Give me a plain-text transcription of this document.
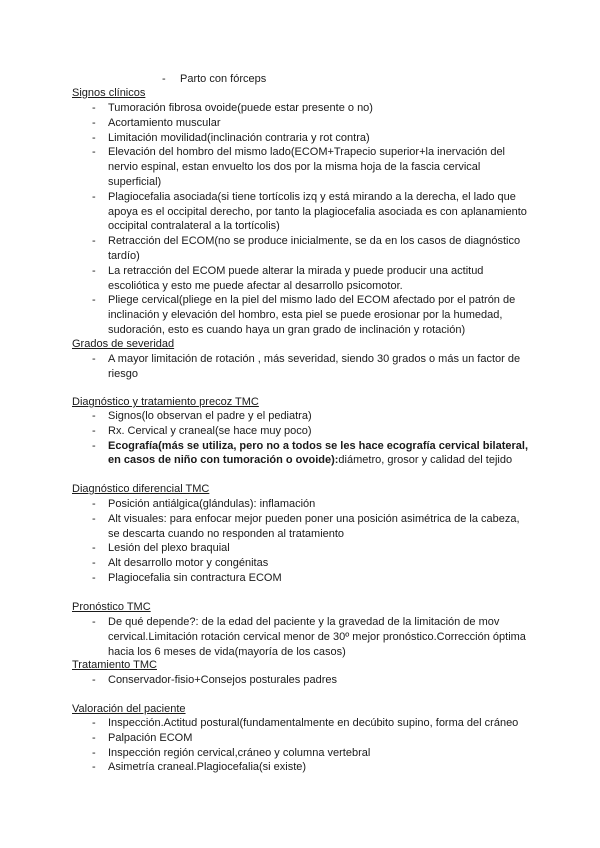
- Parto con fórceps
Signos clínicos
- Tumoración fibrosa ovoide(puede estar presente o no)
- Acortamiento muscular
- Limitación movilidad(inclinación contraria y rot contra)
- Elevación del hombro del mismo lado(ECOM+Trapecio superior+la inervación del nervio espinal, estan envuelto los dos por la misma hoja de la fascia cervical superficial)
- Plagiocefalia asociada(si tiene tortícolis izq y está mirando a la derecha, el lado que apoya es el occipital derecho, por tanto la plagiocefalia asociada es con aplanamiento occipital contralateral a la tortícolis)
- Retracción del ECOM(no se produce inicialmente, se da en los casos de diagnóstico tardío)
- La retracción del ECOM puede alterar la mirada y puede producir una actitud escoliótica y esto me puede afectar al desarrollo psicomotor.
- Pliege cervical(pliege en la piel del mismo lado del ECOM afectado por el patrón de inclinación y elevación del hombro, esta piel se puede erosionar por la humedad, sudoración, esto es cuando haya un gran grado de inclinación y rotación)
Grados de severidad
- A mayor limitación de rotación , más severidad, siendo 30 grados o más un factor de riesgo
Diagnóstico y tratamiento precoz TMC
- Signos(lo observan el padre y el pediatra)
- Rx. Cervical y craneal(se hace muy poco)
- Ecografía(más se utiliza, pero no a todos se les hace ecografía cervical bilateral, en casos de niño con tumoración o ovoide):diámetro, grosor y calidad del tejido
Diagnóstico diferencial TMC
- Posición antiálgica(glándulas): inflamación
- Alt visuales: para enfocar mejor pueden poner una posición asimétrica de la cabeza, se descarta cuando no responden al tratamiento
- Lesión del plexo braquial
- Alt desarrollo motor y congénitas
- Plagiocefalia sin contractura ECOM
Pronóstico TMC
- De qué depende?: de la edad del paciente y la gravedad de la limitación de mov cervical.Limitación rotación cervical menor de 30º mejor pronóstico.Corrección óptima hacia los 6 meses de vida(mayoría de los casos)
Tratamiento TMC
- Conservador-fisio+Consejos posturales padres
Valoración del paciente
- Inspección.Actitud postural(fundamentalmente en decúbito supino, forma del cráneo
- Palpación ECOM
- Inspección región cervical,cráneo y columna vertebral
- Asimetría craneal.Plagiocefalia(si existe)
